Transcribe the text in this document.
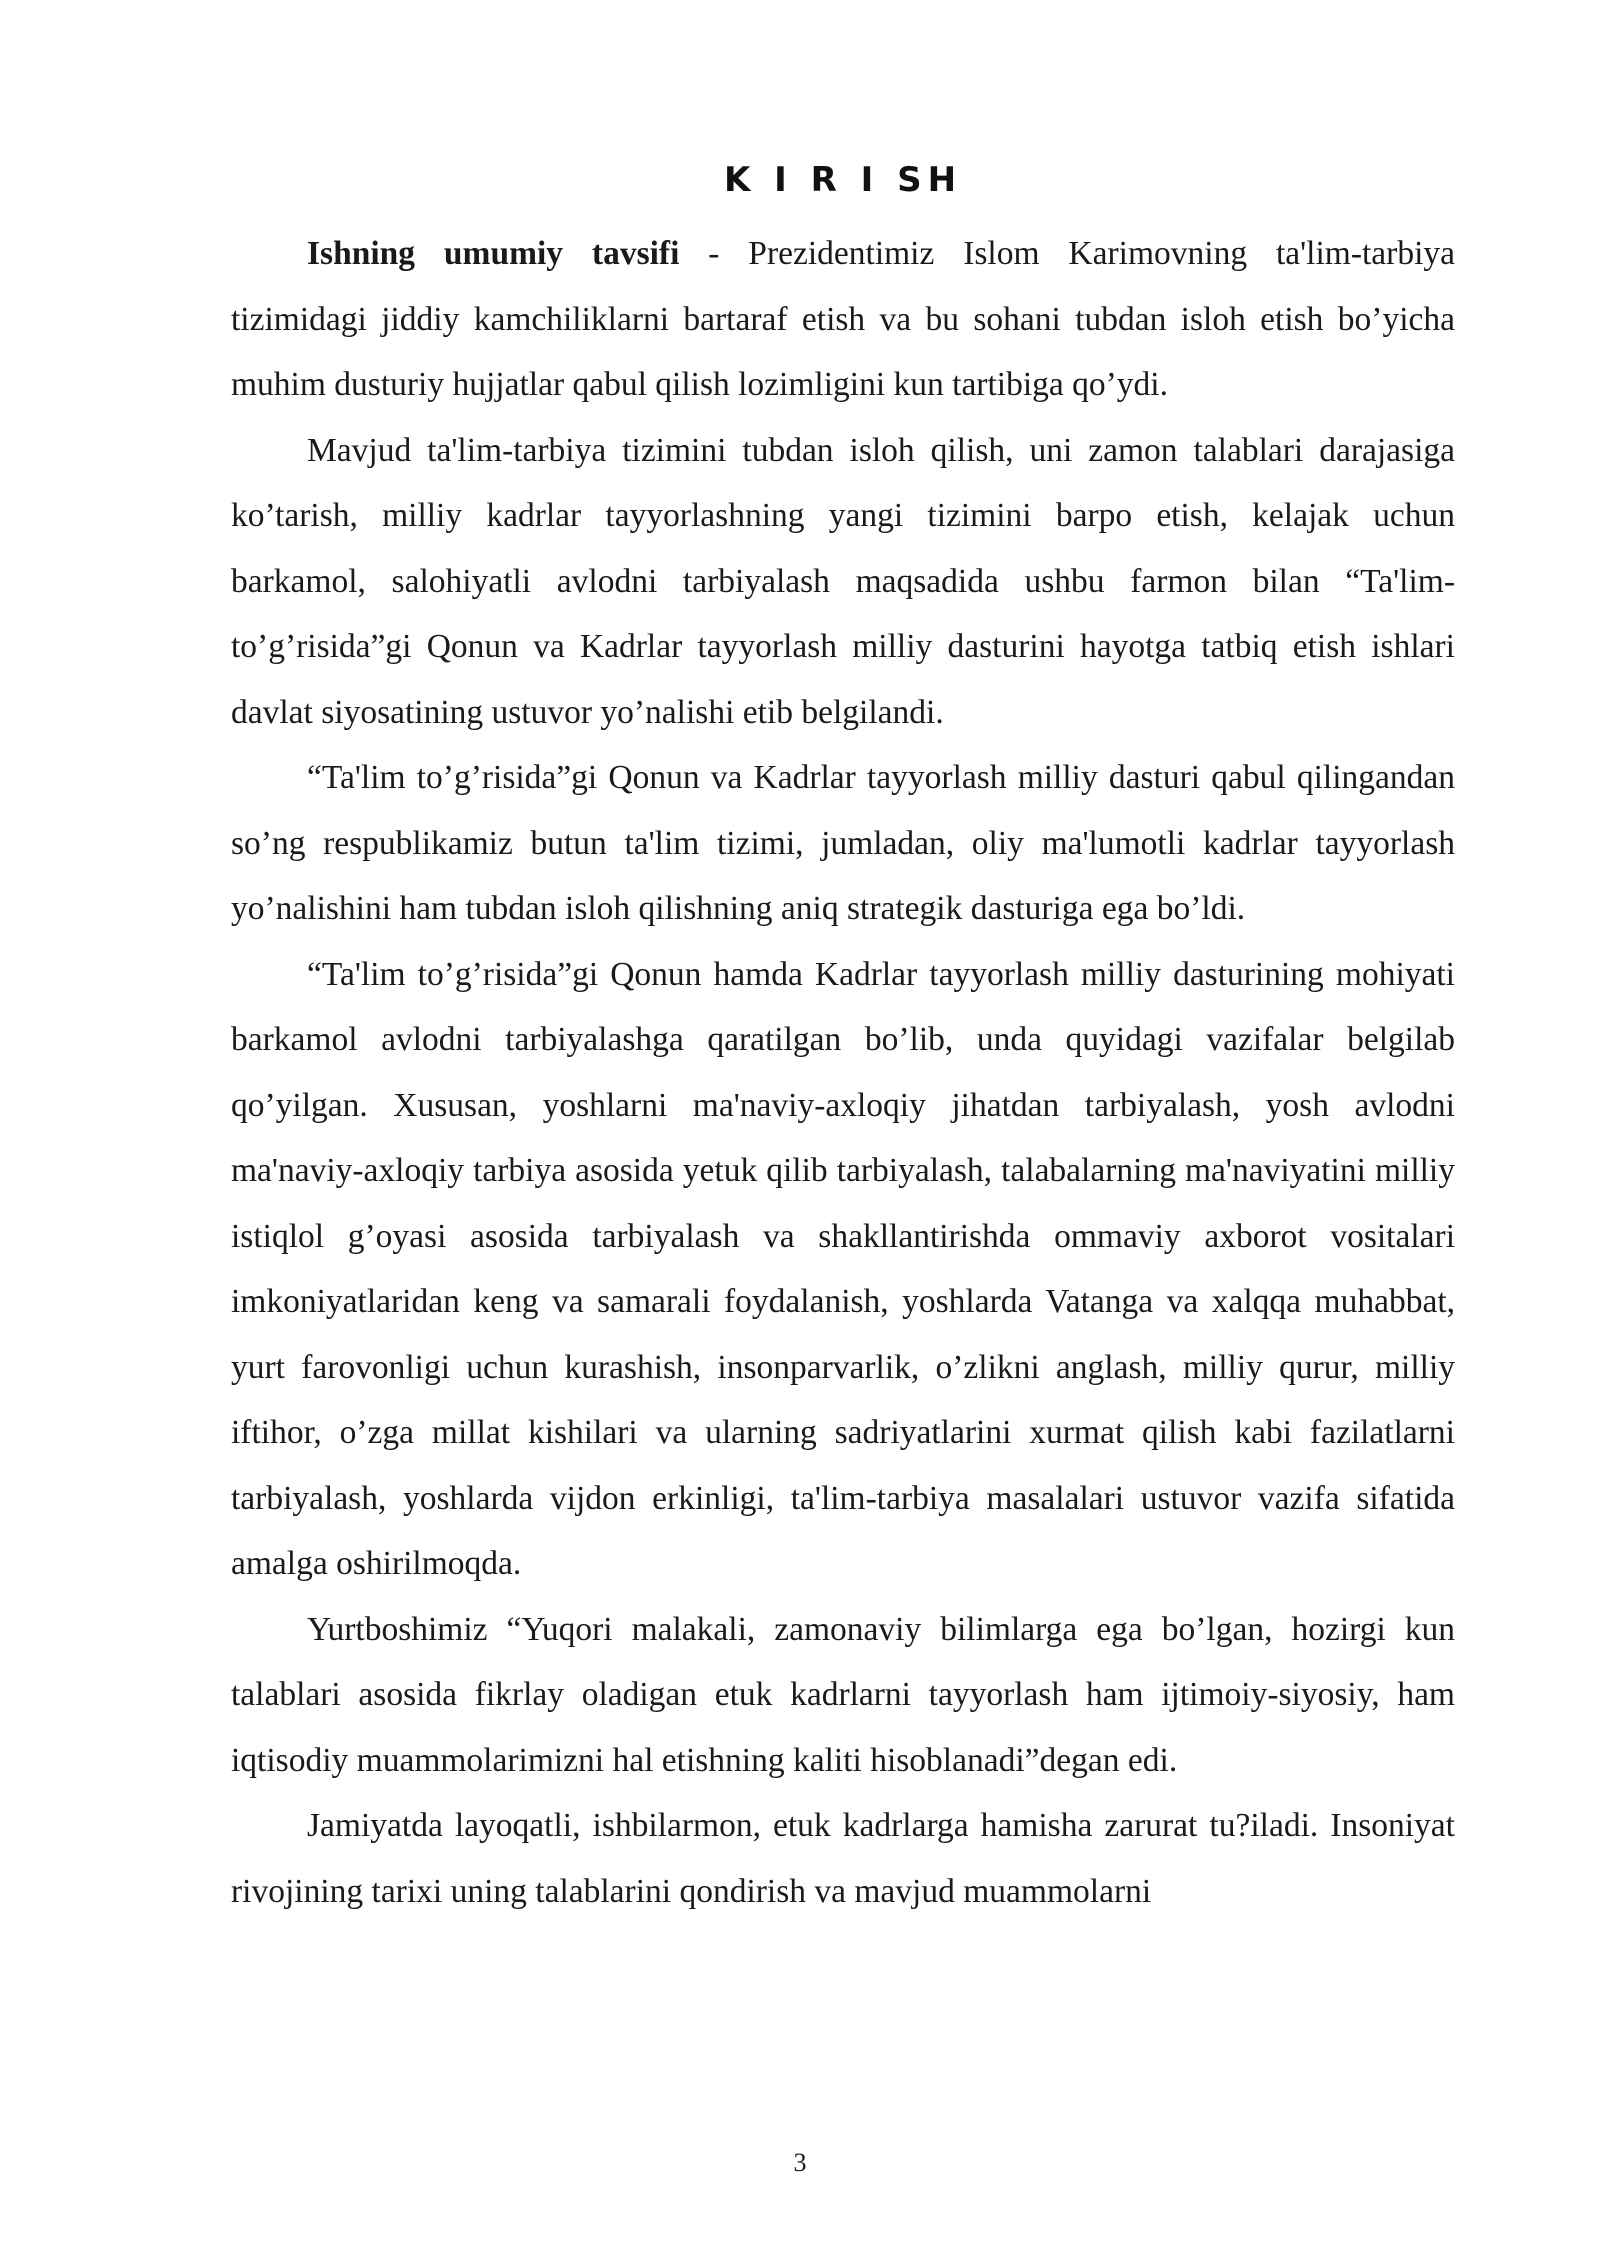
K I R I SH

Ishning umumiy tavsifi - Prezidentimiz Islom Karimovning ta'lim-tarbiya tizimidagi jiddiy kamchiliklarni bartaraf etish va bu sohani tubdan isloh etish bo’yicha muhim dusturiy hujjatlar qabul qilish lozimligini kun tartibiga qo’ydi.

Mavjud ta'lim-tarbiya tizimini tubdan isloh qilish, uni zamon talablari darajasiga ko’tarish, milliy kadrlar tayyorlashning yangi tizimini barpo etish, kelajak uchun barkamol, salohiyatli avlodni tarbiyalash maqsadida ushbu farmon bilan “Ta'lim-to’g’risida”gi Qonun va Kadrlar tayyorlash milliy dasturini hayotga tatbiq etish ishlari davlat siyosatining ustuvor yo’nalishi etib belgilandi.

“Ta'lim to’g’risida”gi Qonun va Kadrlar tayyorlash milliy dasturi qabul qilingandan so’ng respublikamiz butun ta'lim tizimi, jumladan, oliy ma'lumotli kadrlar tayyorlash yo’nalishini ham tubdan isloh qilishning aniq strategik dasturiga ega bo’ldi.

“Ta'lim to’g’risida”gi Qonun hamda Kadrlar tayyorlash milliy dasturining mohiyati barkamol avlodni tarbiyalashga qaratilgan bo’lib, unda quyidagi vazifalar belgilab qo’yilgan. Xususan, yoshlarni ma'naviy-axloqiy jihatdan tarbiyalash, yosh avlodni ma'naviy-axloqiy tarbiya asosida yetuk qilib tarbiyalash, talabalarning ma'naviyatini milliy istiqlol g’oyasi asosida tarbiyalash va shakllantirishda ommaviy axborot vositalari imkoniyatlaridan keng va samarali foydalanish, yoshlarda Vatanga va xalqqa muhabbat, yurt farovonligi uchun kurashish, insonparvarlik, o’zlikni anglash, milliy qurur, milliy iftihor, o’zga millat kishilari va ularning sadriyatlarini xurmat qilish kabi fazilatlarni tarbiyalash, yoshlarda vijdon erkinligi, ta'lim-tarbiya masalalari ustuvor vazifa sifatida amalga oshirilmoqda.

Yurtboshimiz “Yuqori malakali, zamonaviy bilimlarga ega bo’lgan, hozirgi kun talablari asosida fikrlay oladigan etuk kadrlarni tayyorlash ham ijtimoiy-siyosiy, ham iqtisodiy muammolarimizni hal etishning kaliti hisoblanadi”degan edi.

Jamiyatda layoqatli, ishbilarmon, etuk kadrlarga hamisha zarurat tu?iladi. Insoniyat rivojining tarixi uning talablarini qondirish va mavjud muammolarni

3
